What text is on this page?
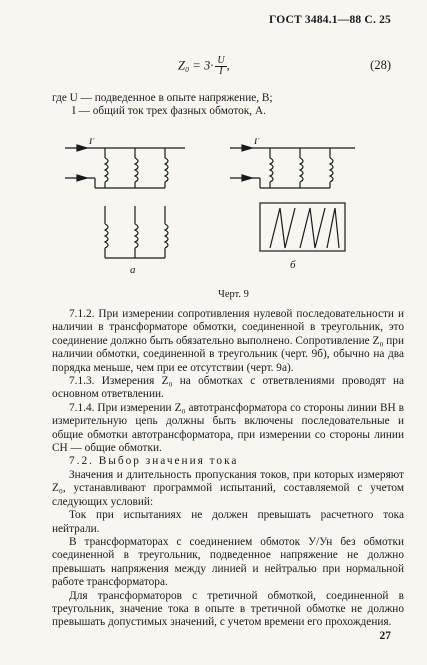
ГОСТ 3484.1—88 С. 25
$Z_0 = 3\cdot \frac{U}{I}$ ,	(28)

где U — подведенное в опыте напряжение, В;

I — общий ток трех фазных обмоток, А.

I'
а
I'
б
Черт. 9

7.1.2. При измерении сопротивления нулевой последовательности и наличии в трансформаторе обмотки, соединенной в треугольник, это соединение должно быть обязательно выполнено. Сопротивление Z₀ при наличии обмотки, соединенной в треугольник (черт. 9б), обычно на два порядка меньше, чем при ее отсутствии (черт. 9а).

7.1.3. Измерения Z₀ на обмотках с ответвлениями проводят на основном ответвлении.

7.1.4. При измерении Z₀ автотрансформатора со стороны линии ВН в измерительную цепь должны быть включены последовательные и общие обмотки автотрансформатора, при измерении со стороны линии СН — общие обмотки.

7.2. Выбор значения тока

Значения и длительность пропускания токов, при которых измеряют Z₀, устанавливают программой испытаний, составляемой с учетом следующих условий:

Ток при испытаниях не должен превышать расчетного тока нейтрали.

В трансформаторах с соединением обмоток У/Ун без обмотки соединенной в треугольник, подведенное напряжение не должно превышать напряжения между линией и нейтралью при нормальной работе трансформатора.

Для трансформаторов с третичной обмоткой, соединенной в треугольник, значение тока в опыте в третичной обмотке не должно превышать допустимых значений, с учетом времени его прохождения.

27
